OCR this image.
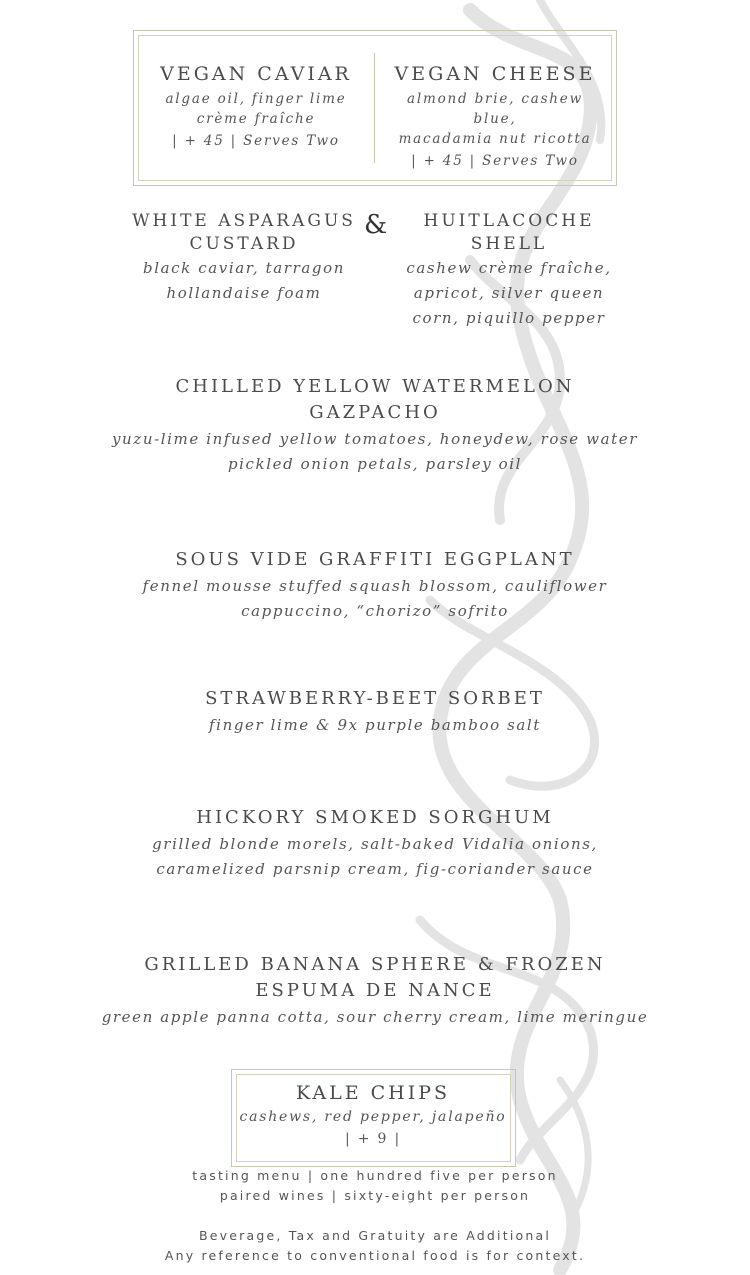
VEGAN CAVIAR
algae oil, finger lime
crème fraîche
| + 45 | Serves Two
VEGAN CHEESE
almond brie, cashew blue,
macadamia nut ricotta
| + 45 | Serves Two
WHITE ASPARAGUS
CUSTARD
black caviar, tarragon
hollandaise foam
&	HUITLACOCHE
SHELL
cashew crème fraîche,
apricot, silver queen
corn, piquillo pepper
CHILLED YELLOW WATERMELON
GAZPACHO
yuzu-lime infused yellow tomatoes, honeydew, rose water
pickled onion petals, parsley oil
SOUS VIDE GRAFFITI EGGPLANT
fennel mousse stuffed squash blossom, cauliflower
cappuccino, “chorizo” sofrito
STRAWBERRY-BEET SORBET
finger lime & 9x purple bamboo salt
HICKORY SMOKED SORGHUM
grilled blonde morels, salt-baked Vidalia onions,
caramelized parsnip cream, fig-coriander sauce
GRILLED BANANA SPHERE & FROZEN
ESPUMA DE NANCE
green apple panna cotta, sour cherry cream, lime meringue
KALE CHIPS
cashews, red pepper, jalapeño
| + 9 |
tasting menu | one hundred five per person
paired wines | sixty-eight per person
Beverage, Tax and Gratuity are Additional
Any reference to conventional food is for context.
